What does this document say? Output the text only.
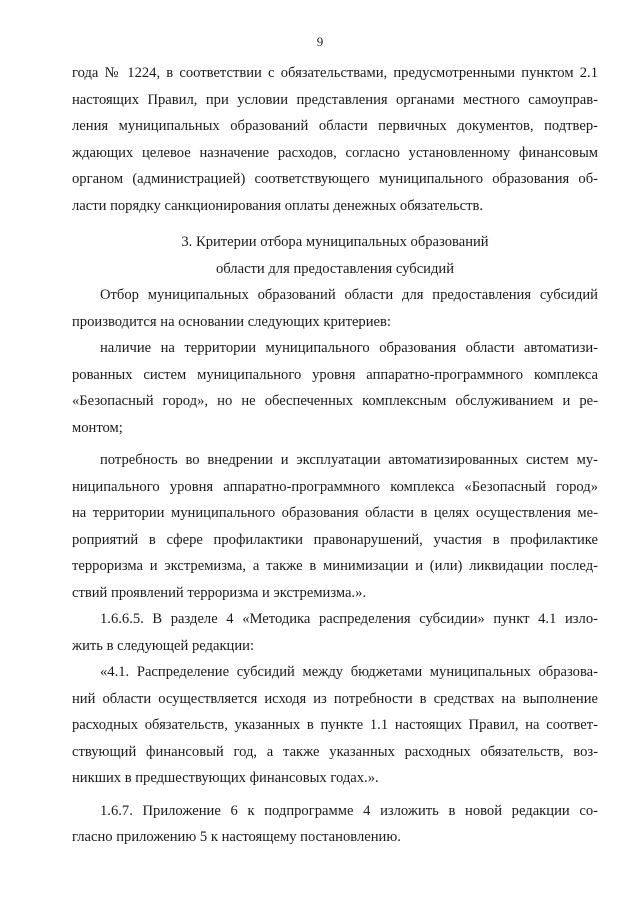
9
года № 1224, в соответствии с обязательствами, предусмотренными пунктом 2.1
настоящих Правил, при условии представления органами местного самоупрaв-
ления муниципальных образований области первичных документов, подтвер-
ждающих целевое назначение расходов, согласно установленному финансовым
органом (администрацией) соответствующего муниципального образования об-
ласти порядку санкционирования оплаты денежных обязательств.
3. Критерии отбора муниципальных образований
области для предоставления субсидий
Отбор муниципальных образований области для предоставления субсидий
производится на основании следующих критериев:
наличие на территории муниципального образования области автоматизи-
рованных систем муниципального уровня аппаратно-программного комплекса
«Безопасный город», но не обеспеченных комплексным обслуживанием и ре-
монтом;
потребность во внедрении и эксплуатации автоматизированных систем му-
ниципального уровня аппаратно-программного комплекса «Безопасный город»
на территории муниципального образования области в целях осуществления ме-
роприятий в сфере профилактики правонарушений, участия в профилактике
терроризма и экстремизма, а также в минимизации и (или) ликвидации послед-
ствий проявлений терроризма и экстремизма.».
1.6.6.5. В разделе 4 «Методика распределения субсидии» пункт 4.1 изло-
жить в следующей редакции:
«4.1. Распределение субсидий между бюджетами муниципальных образова-
ний области осуществляется исходя из потребности в средствах на выполнение
расходных обязательств, указанных в пункте 1.1 настоящих Правил, на соответ-
ствующий финансовый год, а также указанных расходных обязательств, воз-
никших в предшествующих финансовых годах.».
1.6.7. Приложение 6 к подпрограмме 4 изложить в новой редакции со-
гласно приложению 5 к настоящему постановлению.
